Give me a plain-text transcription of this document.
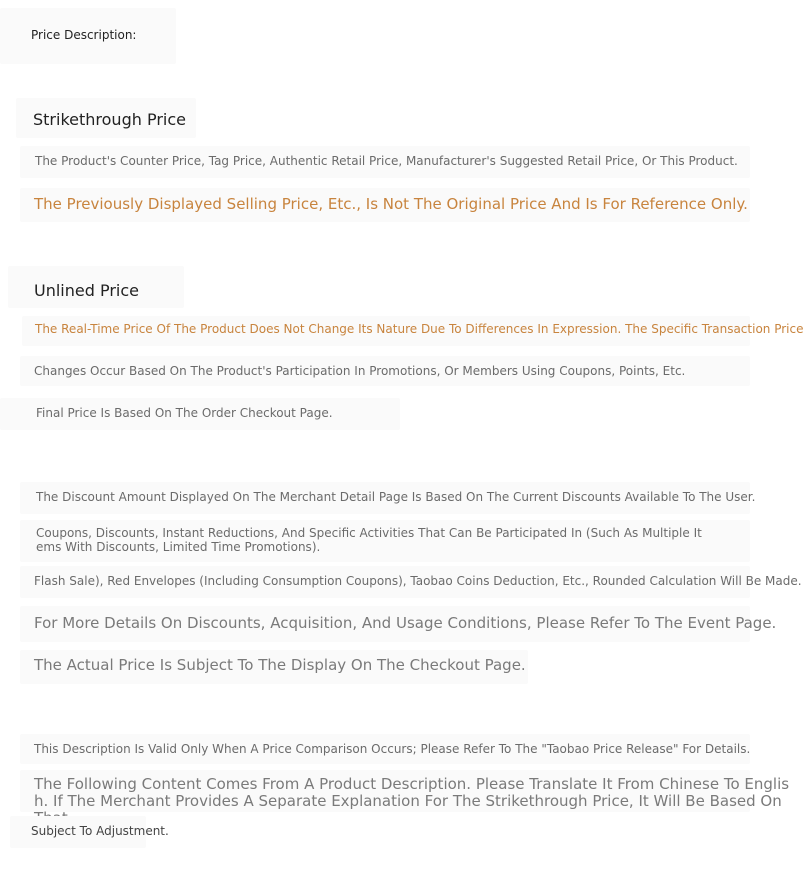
Price Description:
Strikethrough Price
The Product's Counter Price, Tag Price, Authentic Retail Price, Manufacturer's Suggested Retail Price, Or This Product.
The Previously Displayed Selling Price, Etc., Is Not The Original Price And Is For Reference Only.
Unlined Price
The Real-Time Price Of The Product Does Not Change Its Nature Due To Differences In Expression. The Specific Transaction Price
Changes Occur Based On The Product's Participation In Promotions, Or Members Using Coupons, Points, Etc.
Final Price Is Based On The Order Checkout Page.
The Discount Amount Displayed On The Merchant Detail Page Is Based On The Current Discounts Available To The User.
Coupons, Discounts, Instant Reductions, And Specific Activities That Can Be Participated In (Such As Multiple Items With Discounts, Limited Time Promotions).
Flash Sale), Red Envelopes (Including Consumption Coupons), Taobao Coins Deduction, Etc., Rounded Calculation Will Be Made.
For More Details On Discounts, Acquisition, And Usage Conditions, Please Refer To The Event Page.
The Actual Price Is Subject To The Display On The Checkout Page.
This Description Is Valid Only When A Price Comparison Occurs; Please Refer To The "Taobao Price Release" For Details.
The Following Content Comes From A Product Description. Please Translate It From Chinese To English. If The Merchant Provides A Separate Explanation For The Strikethrough Price, It Will Be Based On
Subject To Adjustment.
